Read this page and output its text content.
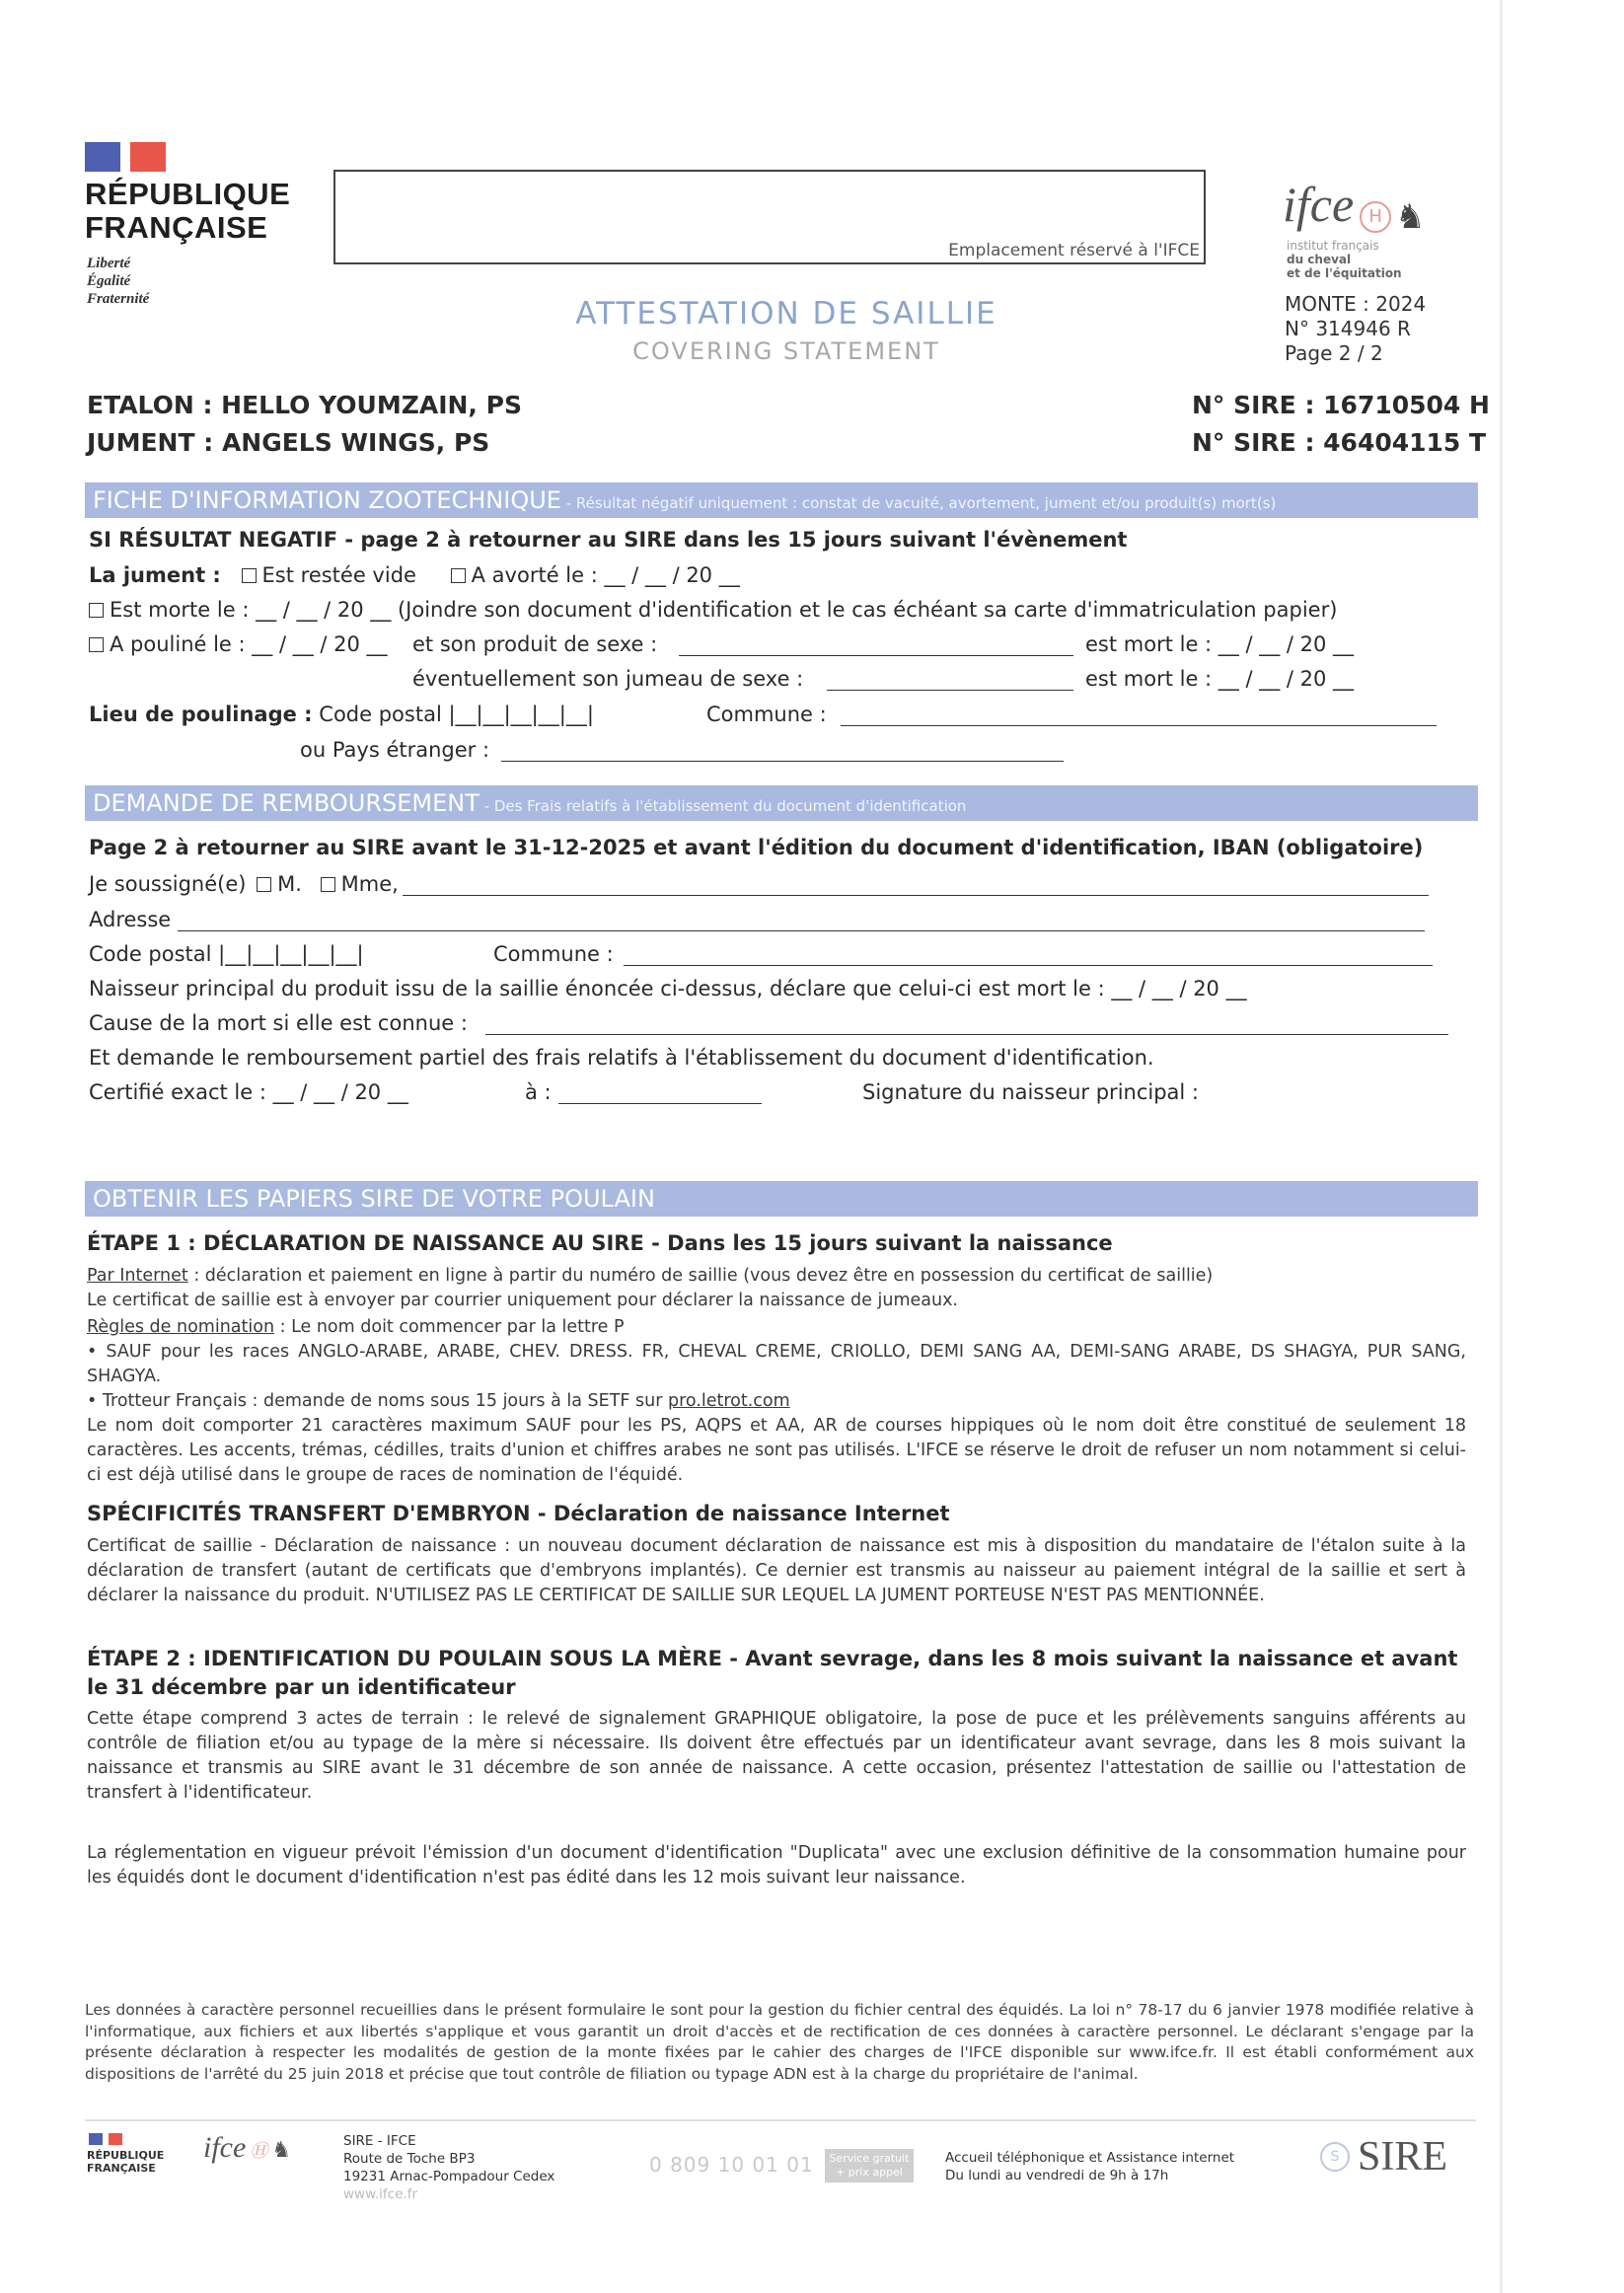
RÉPUBLIQUE
FRANÇAISE
Liberté
Égalité
Fraternité
Emplacement réservé à l'IFCE
ifce H ♞
institut français
du cheval
et de l'équitation
MONTE : 2024
N° 314946 R
Page 2 / 2
ATTESTATION DE SAILLIE
COVERING STATEMENT
ETALON : HELLO YOUMZAIN, PS	N° SIRE : 16710504 H
JUMENT : ANGELS WINGS, PS	N° SIRE : 46404115 T
FICHE D'INFORMATION ZOOTECHNIQUE - Résultat négatif uniquement : constat de vacuité, avortement, jument et/ou produit(s) mort(s)
SI RÉSULTAT NEGATIF - page 2 à retourner au SIRE dans les 15 jours suivant l'évènement
La jument : Est restée vide	A avorté le : __ / __ / 20 __
Est morte le : __ / __ / 20 __ (Joindre son document d'identification et le cas échéant sa carte d'immatriculation papier)
A pouliné le : __ / __ / 20 __ et son produit de sexe :	est mort le : __ / __ / 20 __
éventuellement son jumeau de sexe :	est mort le : __ / __ / 20 __
Lieu de poulinage : Code postal |__|__|__|__|__|	Commune :
ou Pays étranger :
DEMANDE DE REMBOURSEMENT - Des Frais relatifs à l'établissement du document d'identification
Page 2 à retourner au SIRE avant le 31-12-2025 et avant l'édition du document d'identification, IBAN (obligatoire)
Je soussigné(e) M. Mme,
Adresse
Code postal |__|__|__|__|__|	Commune :
Naisseur principal du produit issu de la saillie énoncée ci-dessus, déclare que celui-ci est mort le : __ / __ / 20 __
Cause de la mort si elle est connue :
Et demande le remboursement partiel des frais relatifs à l'établissement du document d'identification.
Certifié exact le : __ / __ / 20 __	à :	Signature du naisseur principal :
OBTENIR LES PAPIERS SIRE DE VOTRE POULAIN
ÉTAPE 1 : DÉCLARATION DE NAISSANCE AU SIRE - Dans les 15 jours suivant la naissance
Par Internet : déclaration et paiement en ligne à partir du numéro de saillie (vous devez être en possession du certificat de saillie)
Le certificat de saillie est à envoyer par courrier uniquement pour déclarer la naissance de jumeaux.
Règles de nomination : Le nom doit commencer par la lettre P
• SAUF pour les races ANGLO-ARABE, ARABE, CHEV. DRESS. FR, CHEVAL CREME, CRIOLLO, DEMI SANG AA, DEMI-SANG ARABE, DS SHAGYA, PUR SANG, SHAGYA.
• Trotteur Français : demande de noms sous 15 jours à la SETF sur pro.letrot.com
Le nom doit comporter 21 caractères maximum SAUF pour les PS, AQPS et AA, AR de courses hippiques où le nom doit être constitué de seulement 18 caractères. Les accents, trémas, cédilles, traits d'union et chiffres arabes ne sont pas utilisés. L'IFCE se réserve le droit de refuser un nom notamment si celui-ci est déjà utilisé dans le groupe de races de nomination de l'équidé.
SPÉCIFICITÉS TRANSFERT D'EMBRYON - Déclaration de naissance Internet
Certificat de saillie - Déclaration de naissance : un nouveau document déclaration de naissance est mis à disposition du mandataire de l'étalon suite à la déclaration de transfert (autant de certificats que d'embryons implantés). Ce dernier est transmis au naisseur au paiement intégral de la saillie et sert à déclarer la naissance du produit. N'UTILISEZ PAS LE CERTIFICAT DE SAILLIE SUR LEQUEL LA JUMENT PORTEUSE N'EST PAS MENTIONNÉE.
ÉTAPE 2 : IDENTIFICATION DU POULAIN SOUS LA MÈRE - Avant sevrage, dans les 8 mois suivant la naissance et avant le 31 décembre par un identificateur
Cette étape comprend 3 actes de terrain : le relevé de signalement GRAPHIQUE obligatoire, la pose de puce et les prélèvements sanguins afférents au contrôle de filiation et/ou au typage de la mère si nécessaire. Ils doivent être effectués par un identificateur avant sevrage, dans les 8 mois suivant la naissance et transmis au SIRE avant le 31 décembre de son année de naissance. A cette occasion, présentez l'attestation de saillie ou l'attestation de transfert à l'identificateur.
La réglementation en vigueur prévoit l'émission d'un document d'identification "Duplicata" avec une exclusion définitive de la consommation humaine pour les équidés dont le document d'identification n'est pas édité dans les 12 mois suivant leur naissance.
Les données à caractère personnel recueillies dans le présent formulaire le sont pour la gestion du fichier central des équidés. La loi n° 78-17 du 6 janvier 1978 modifiée relative à l'informatique, aux fichiers et aux libertés s'applique et vous garantit un droit d'accès et de rectification de ces données à caractère personnel. Le déclarant s'engage par la présente déclaration à respecter les modalités de gestion de la monte fixées par le cahier des charges de l'IFCE disponible sur www.ifce.fr. Il est établi conformément aux dispositions de l'arrêté du 25 juin 2018 et précise que tout contrôle de filiation ou typage ADN est à la charge du propriétaire de l'animal.
RÉPUBLIQUE
FRANÇAISE
ifce Ⓗ ♞	SIRE - IFCE
Route de Toche BP3
19231 Arnac-Pompadour Cedex
www.ifce.fr
0 809 10 01 01	Service gratuit
+ prix appel
Accueil téléphonique et Assistance internet
Du lundi au vendredi de 9h à 17h
S SIRE
